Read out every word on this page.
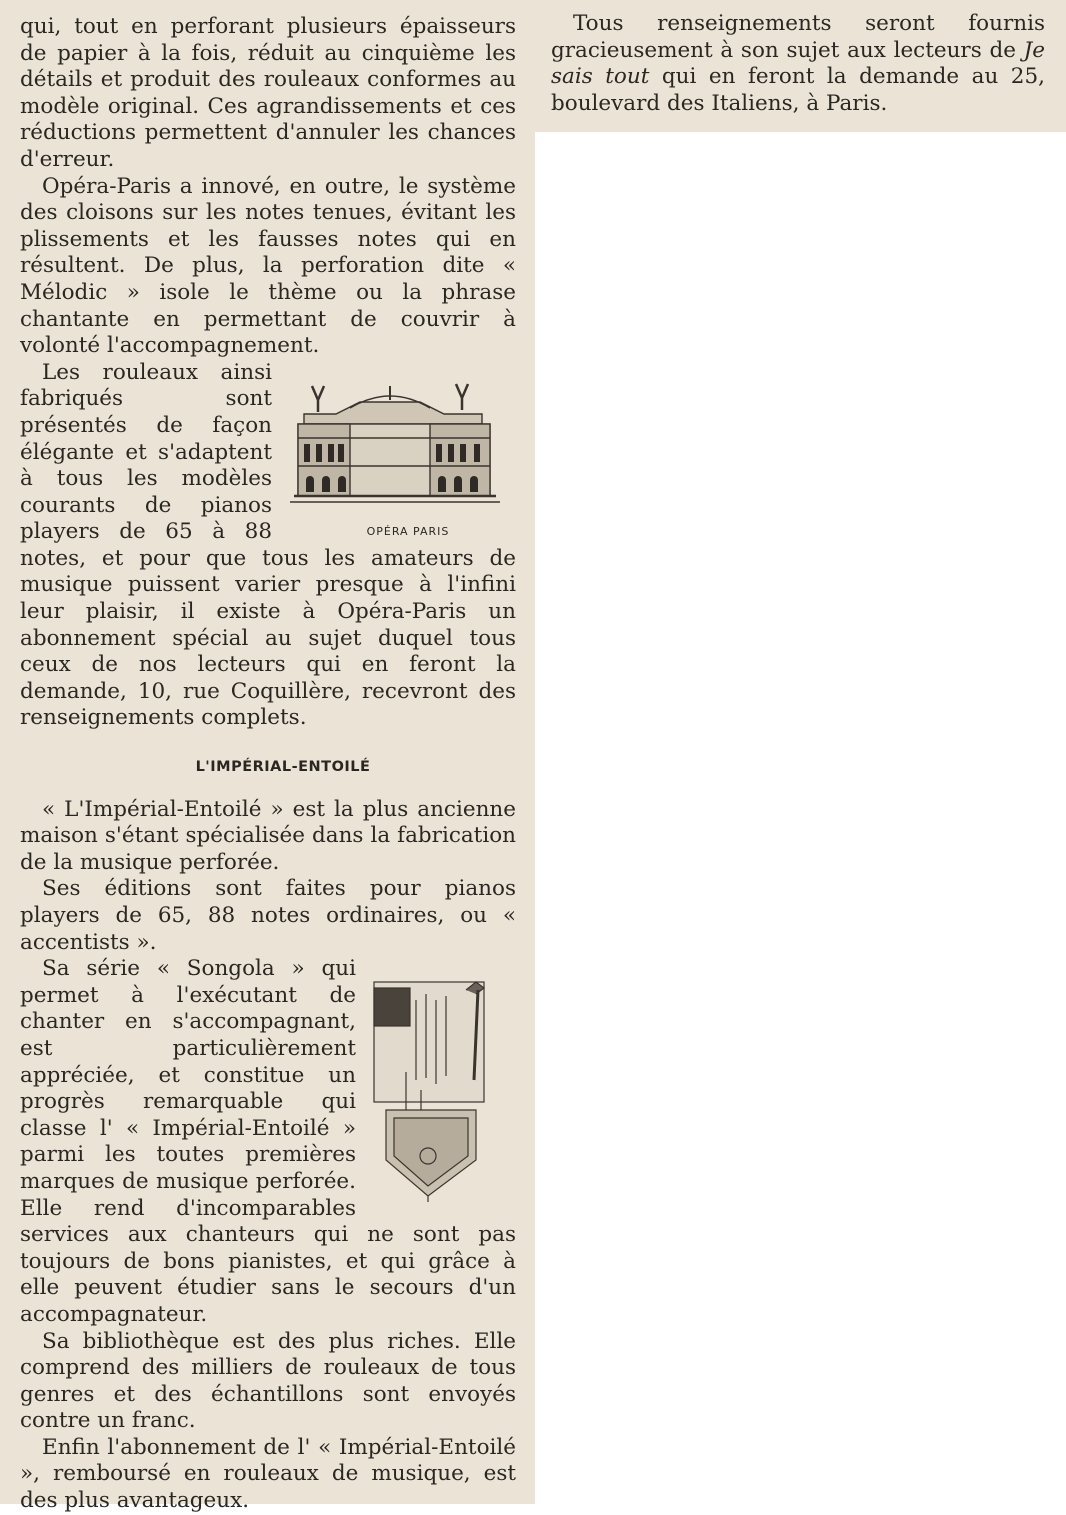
qui, tout en perforant plusieurs épaisseurs de papier à la fois, réduit au cinquième les détails et produit des rouleaux conformes au modèle original. Ces agrandissements et ces réductions permettent d'annuler les chances d'erreur.

Opéra-Paris a innové, en outre, le système des cloisons sur les notes tenues, évitant les plissements et les fausses notes qui en résultent. De plus, la perforation dite « Mélodic » isole le thème ou la phrase chantante en permettant de couvrir à volonté l'accompagnement.

OPÉRA PARIS

Les rouleaux ainsi fabriqués sont présentés de façon élégante et s'adaptent à tous les modèles courants de pianos players de 65 à 88 notes, et pour que tous les amateurs de musique puissent varier presque à l'infini leur plaisir, il existe à Opéra-Paris un abonnement spécial au sujet duquel tous ceux de nos lecteurs qui en feront la demande, 10, rue Coquillère, recevront des renseignements complets.

L'IMPÉRIAL-ENTOILÉ

« L'Impérial-Entoilé » est la plus ancienne maison s'étant spécialisée dans la fabrication de la musique perforée.

Ses éditions sont faites pour pianos players de 65, 88 notes ordinaires, ou « accentists ».

Sa série « Songola » qui permet à l'exécutant de chanter en s'accompagnant, est particulièrement appréciée, et constitue un progrès remarquable qui classe l' « Impérial-Entoilé » parmi les toutes premières marques de musique perforée. Elle rend d'incomparables services aux chanteurs qui ne sont pas toujours de bons pianistes, et qui grâce à elle peuvent étudier sans le secours d'un accompagnateur.

Sa bibliothèque est des plus riches. Elle comprend des milliers de rouleaux de tous genres et des échantillons sont envoyés contre un franc.

Enfin l'abonnement de l' « Impérial-Entoilé », remboursé en rouleaux de musique, est des plus avantageux.

Tous renseignements seront fournis gracieusement à son sujet aux lecteurs de Je sais tout qui en feront la demande au 25, boulevard des Italiens, à Paris.
